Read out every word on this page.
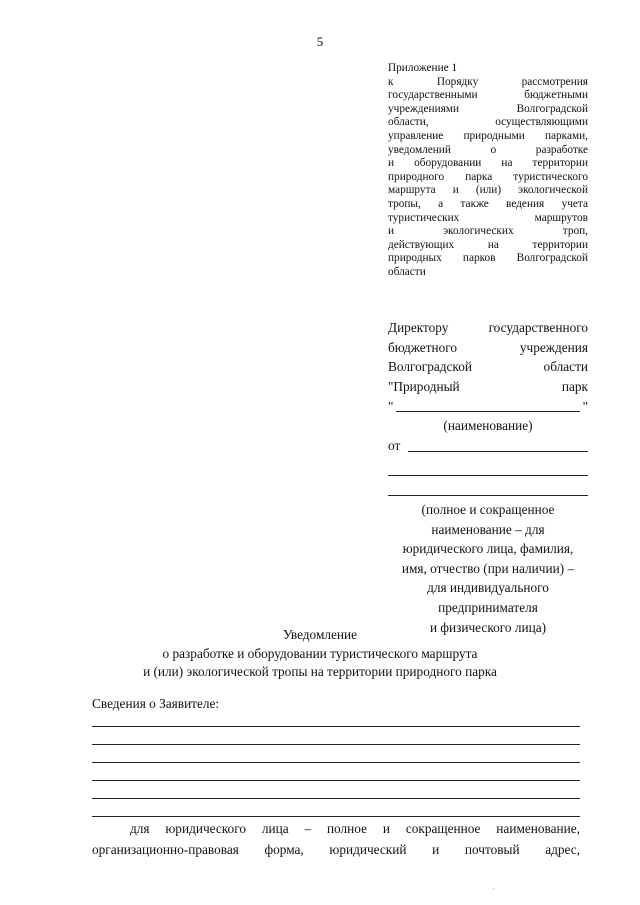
5
Приложение 1
к Порядку рассмотрения
государственными бюджетными
учреждениями Волгоградской
области, осуществляющими
управление природными парками,
уведомлений о разработке
и оборудовании на территории
природного парка туристического
маршрута и (или) экологической
тропы, а также ведения учета
туристических маршрутов
и экологических троп,
действующих на территории
природных парков Волгоградской
области
Директору государственного
бюджетного учреждения
Волгоградской области
"Природный парк
"	"
(наименование)
от
(полное и сокращенное
наименование – для
юридического лица, фамилия,
имя, отчество (при наличии) –
для индивидуального
предпринимателя
и физического лица)
Уведомление
о разработке и оборудовании туристического маршрута
и (или) экологической тропы на территории природного парка
Сведения о Заявителе:
для юридического лица – полное и сокращенное наименование,
организационно-правовая форма, юридический и почтовый адрес,
